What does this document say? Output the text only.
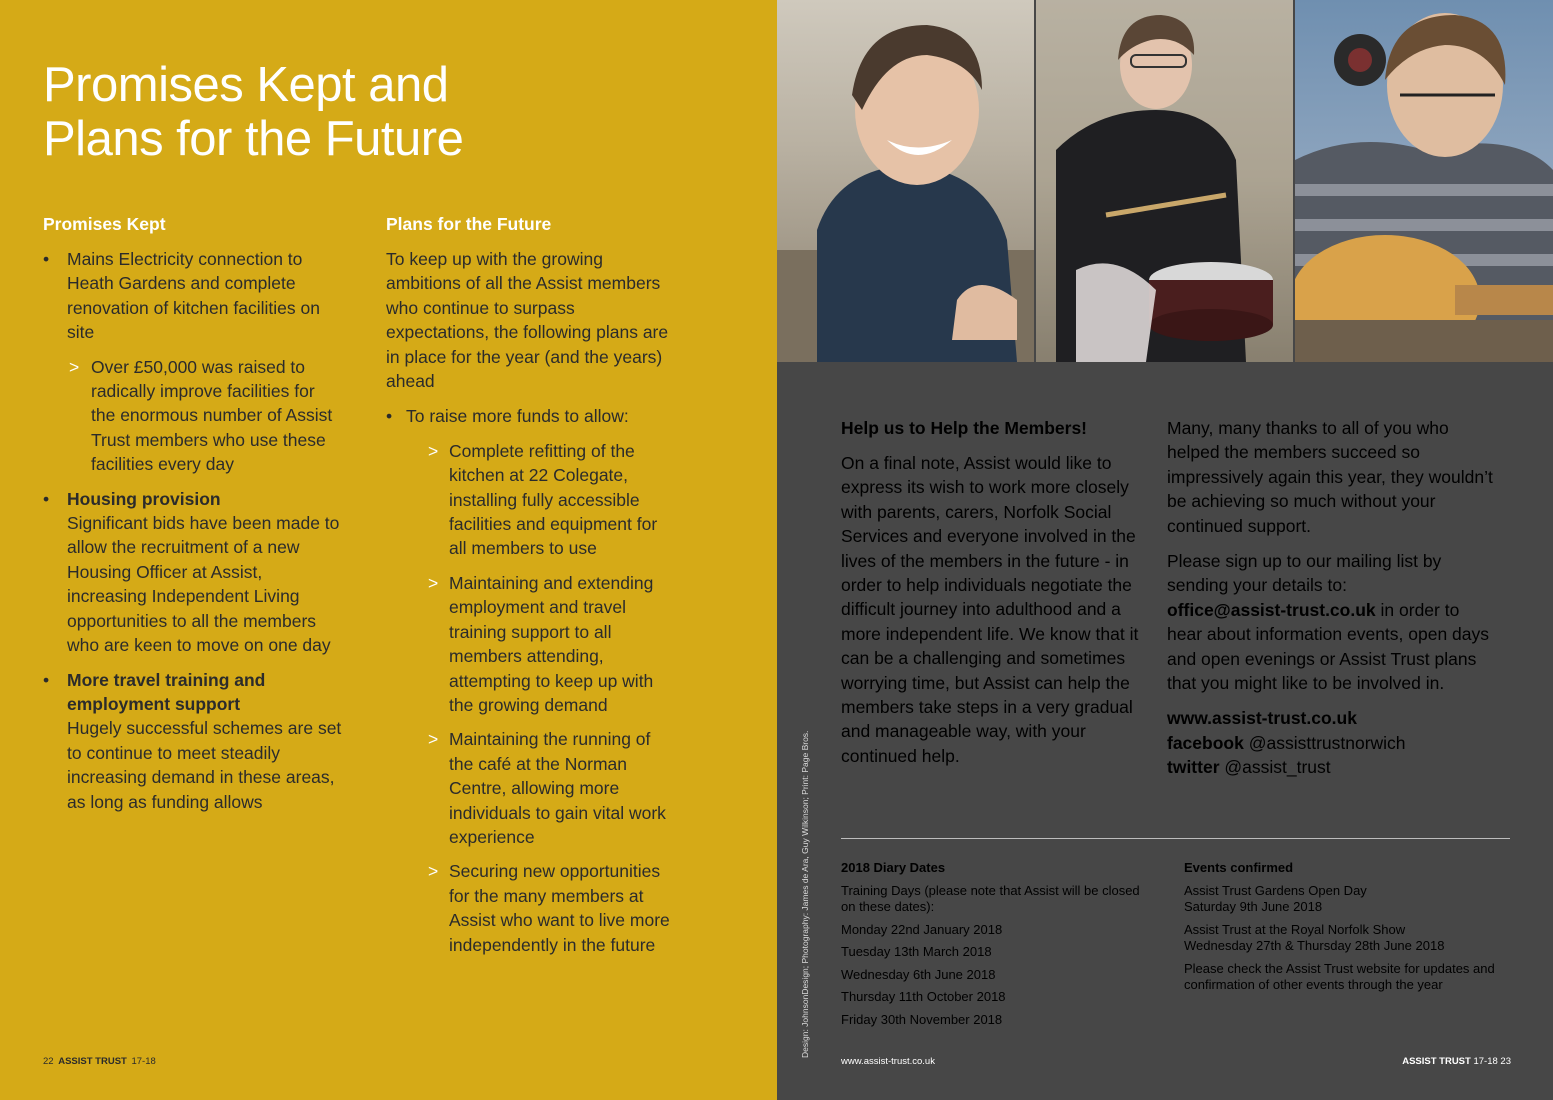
Promises Kept and
Plans for the Future
Promises Kept
• Mains Electricity connection to Heath Gardens and complete renovation of kitchen facilities on site
> Over £50,000 was raised to radically improve facilities for the enormous number of Assist Trust members who use these facilities every day
• Housing provision
Significant bids have been made to allow the recruitment of a new Housing Officer at Assist, increasing Independent Living opportunities to all the members who are keen to move on one day
• More travel training and employment support
Hugely successful schemes are set to continue to meet steadily increasing demand in these areas, as long as funding allows
Plans for the Future

To keep up with the growing ambitions of all the Assist members who continue to surpass expectations, the following plans are in place for the year (and the years) ahead

• To raise more funds to allow:
> Complete refitting of the kitchen at 22 Colegate, installing fully accessible facilities and equipment for all members to use
> Maintaining and extending employment and travel training support to all members attending, attempting to keep up with the growing demand
> Maintaining the running of the café at the Norman Centre, allowing more individuals to gain vital work experience
> Securing new opportunities for the many members at Assist who want to live more independently in the future
22 ASSIST TRUST 17-18	www.assist-trust.co.uk	ASSIST TRUST 17-18 23
Design: JohnsonDesign; Photography: James de Ara, Guy Wilkinson; Print: Page Bros.
Help us to Help the Members!

On a final note, Assist would like to express its wish to work more closely with parents, carers, Norfolk Social Services and everyone involved in the lives of the members in the future - in order to help individuals negotiate the difficult journey into adulthood and a more independent life. We know that it can be a challenging and sometimes worrying time, but Assist can help the members take steps in a very gradual and manageable way, with your continued help.

Many, many thanks to all of you who helped the members succeed so impressively again this year, they wouldn’t be achieving so much without your continued support.

Please sign up to our mailing list by sending your details to:
office@assist-trust.co.uk in order to hear about information events, open days and open evenings or Assist Trust plans that you might like to be involved in.

www.assist-trust.co.uk
facebook @assisttrustnorwich
twitter @assist_trust

2018 Diary Dates

Training Days (please note that Assist will be closed on these dates):

Monday 22nd January 2018

Tuesday 13th March 2018

Wednesday 6th June 2018

Thursday 11th October 2018

Friday 30th November 2018

Events confirmed

Assist Trust Gardens Open Day
Saturday 9th June 2018

Assist Trust at the Royal Norfolk Show
Wednesday 27th & Thursday 28th June 2018

Please check the Assist Trust website for updates and confirmation of other events through the year
